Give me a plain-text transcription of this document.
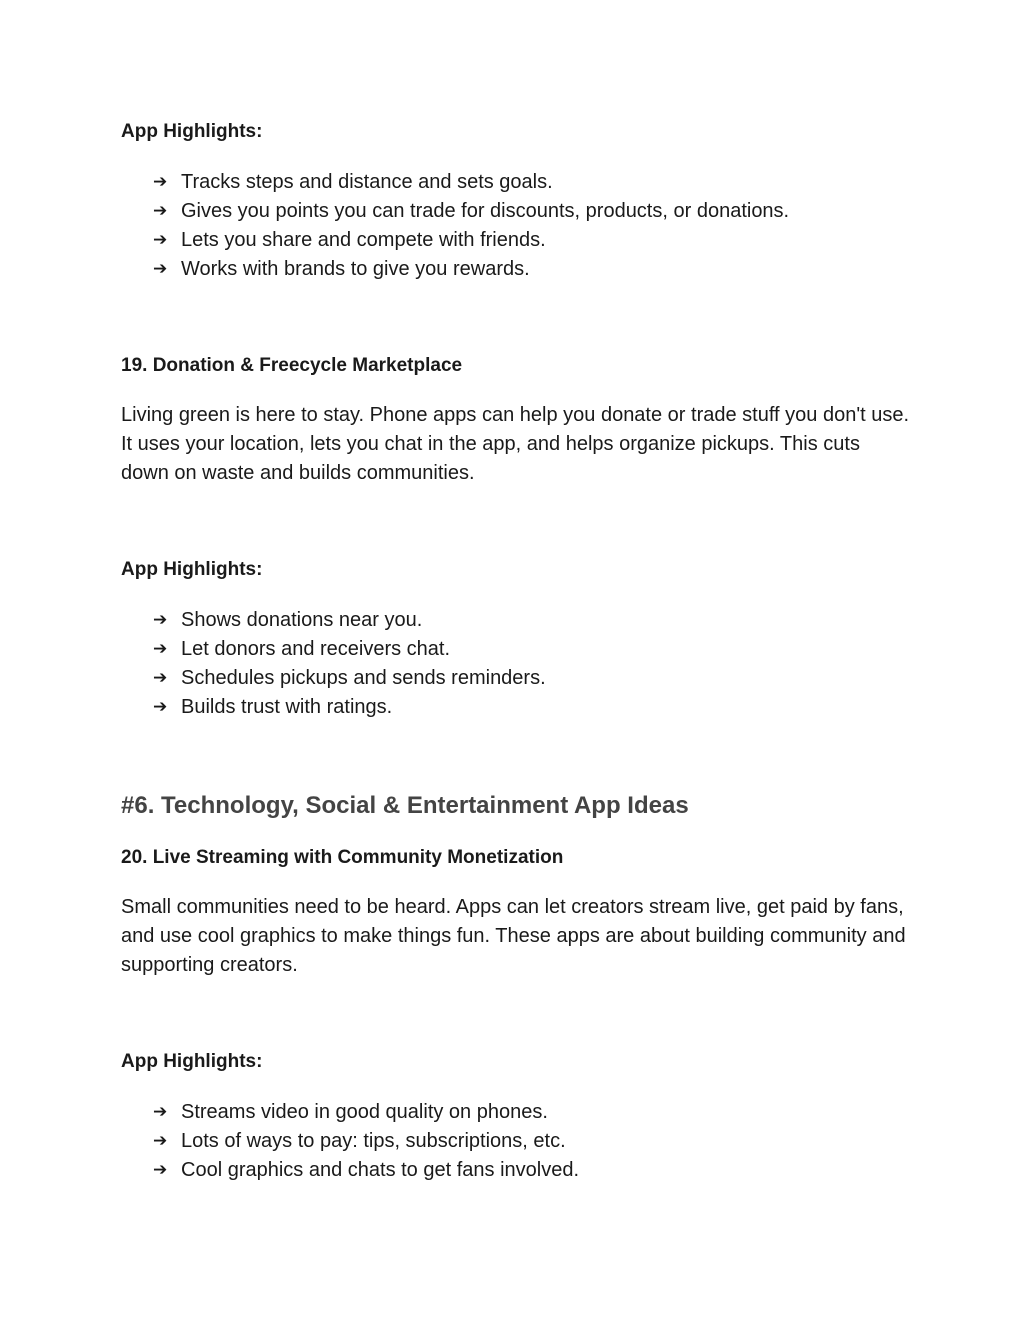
App Highlights:

➔ Tracks steps and distance and sets goals.
➔ Gives you points you can trade for discounts, products, or donations.
➔ Lets you share and compete with friends.
➔ Works with brands to give you rewards.

19. Donation & Freecycle Marketplace

Living green is here to stay. Phone apps can help you donate or trade stuff you don't use. It uses your location, lets you chat in the app, and helps organize pickups. This cuts down on waste and builds communities.

App Highlights:

➔ Shows donations near you.
➔ Let donors and receivers chat.
➔ Schedules pickups and sends reminders.
➔ Builds trust with ratings.
#6. Technology, Social & Entertainment App Ideas

20. Live Streaming with Community Monetization

Small communities need to be heard. Apps can let creators stream live, get paid by fans, and use cool graphics to make things fun. These apps are about building community and supporting creators.

App Highlights:

➔ Streams video in good quality on phones.
➔ Lots of ways to pay: tips, subscriptions, etc.
➔ Cool graphics and chats to get fans involved.
